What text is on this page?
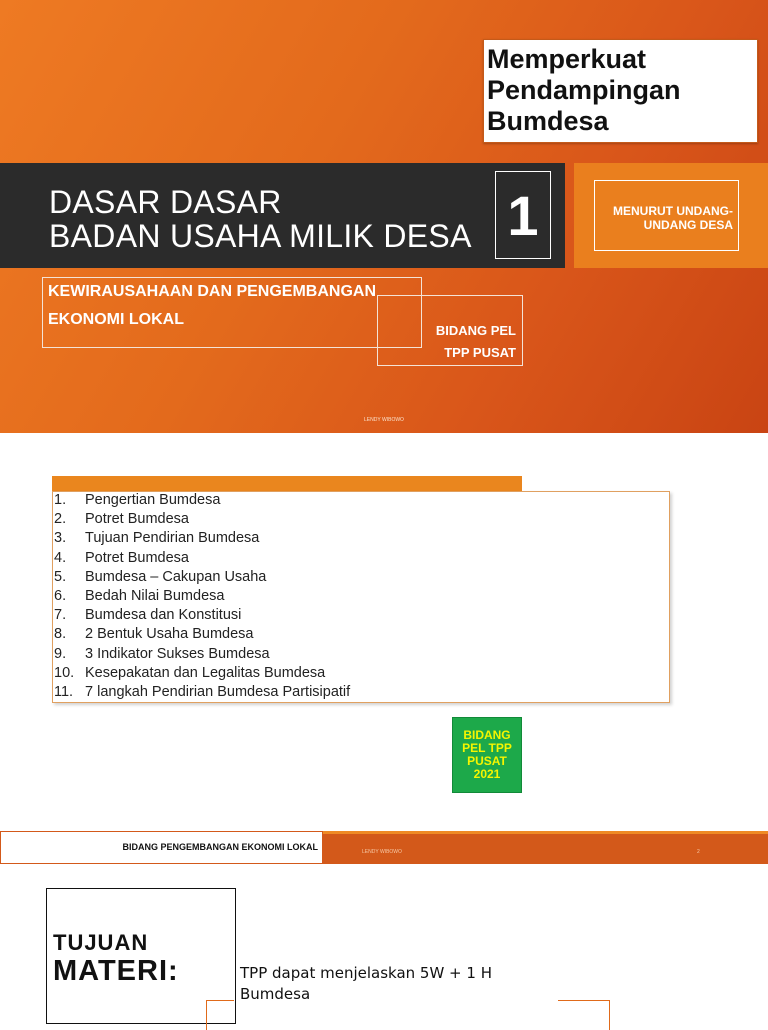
Memperkuat
Pendampingan
Bumdesa
DASAR DASAR
BADAN USAHA MILIK DESA 1	MENURUT UNDANG-
UNDANG DESA
KEWIRAUSAHAAN DAN PENGEMBANGAN
EKONOMI LOKAL
BIDANG PEL
TPP PUSAT
LENDY WIBOWO
1.	Pengertian Bumdesa
2.	Potret Bumdesa
3.	Tujuan Pendirian Bumdesa
4.	Potret Bumdesa
5.	Bumdesa – Cakupan Usaha
6.	Bedah Nilai Bumdesa
7.	Bumdesa dan Konstitusi
8.	2 Bentuk Usaha Bumdesa
9.	3 Indikator Sukses Bumdesa
10. Kesepakatan dan Legalitas Bumdesa
11. 7 langkah Pendirian Bumdesa Partisipatif
BIDANG
PEL TPP
PUSAT
2021
BIDANG PENGEMBANGAN EKONOMI LOKAL	LENDY WIBOWO	2
TUJUAN
MATERI:	TPP dapat menjelaskan 5W + 1 H
Bumdesa
